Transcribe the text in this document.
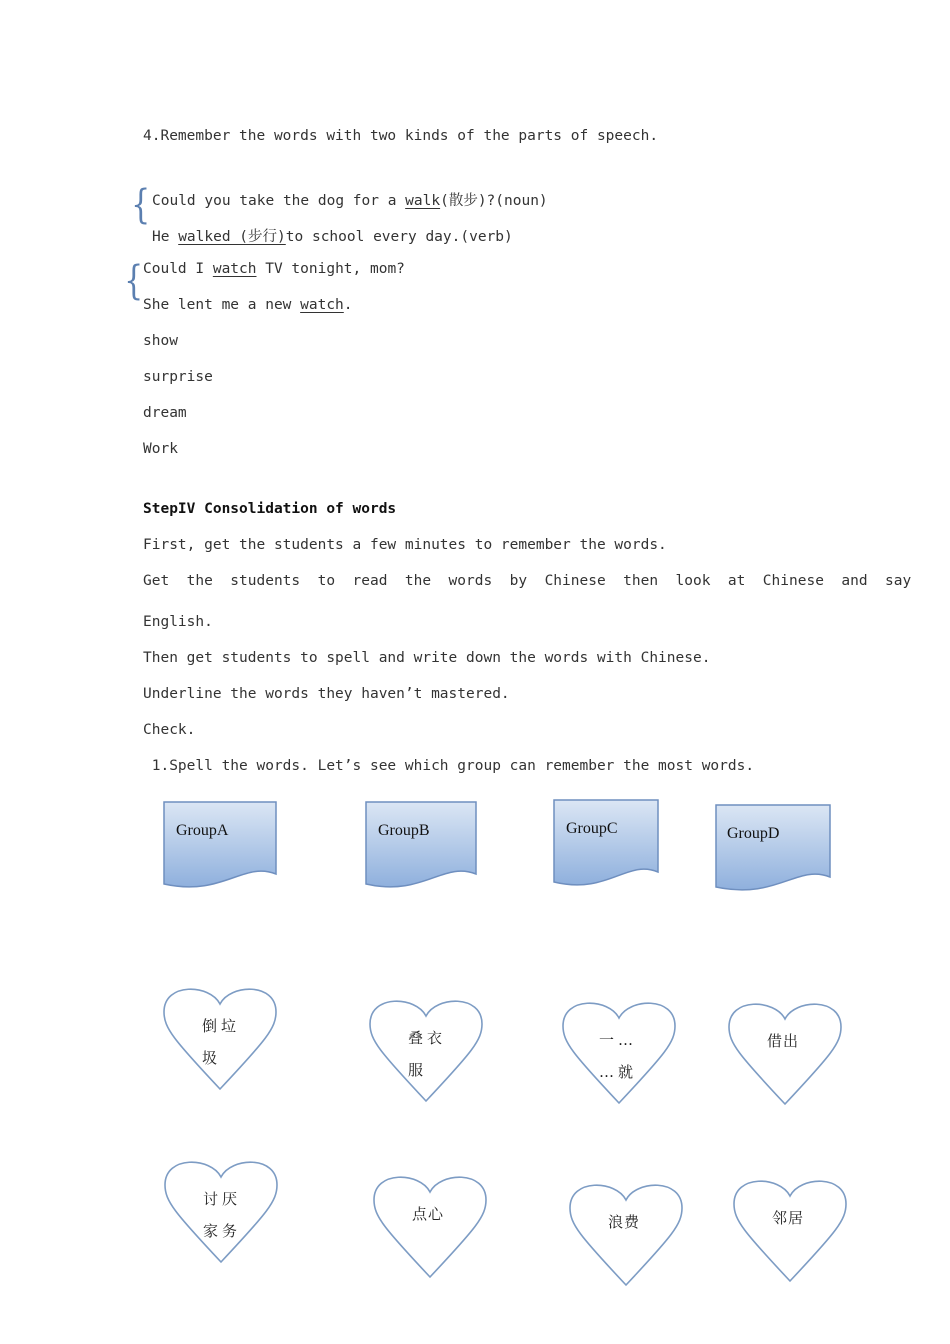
4.Remember the words with two kinds of the parts of speech.
{ Could you take the dog for a walk(散步)?(noun)
He walked (步行)to school every day.(verb)
{ Could I watch TV tonight, mom?
She lent me a new watch.
show
surprise
dream
Work
StepIV Consolidation of words
First, get the students a few minutes to remember the words.
Get  the  students  to  read  the  words  by  Chinese  then  look  at  Chinese  and  say
English.
Then get students to spell and write down the words with Chinese.
Underline the words they haven’t mastered.
Check.
1.Spell the words. Let’s see which group can remember the most words.
GroupA	GroupB	GroupC	GroupD
倒垃
圾
叠衣
服
一…
…就
借出
讨厌
家务
点心	浪费	邻居
